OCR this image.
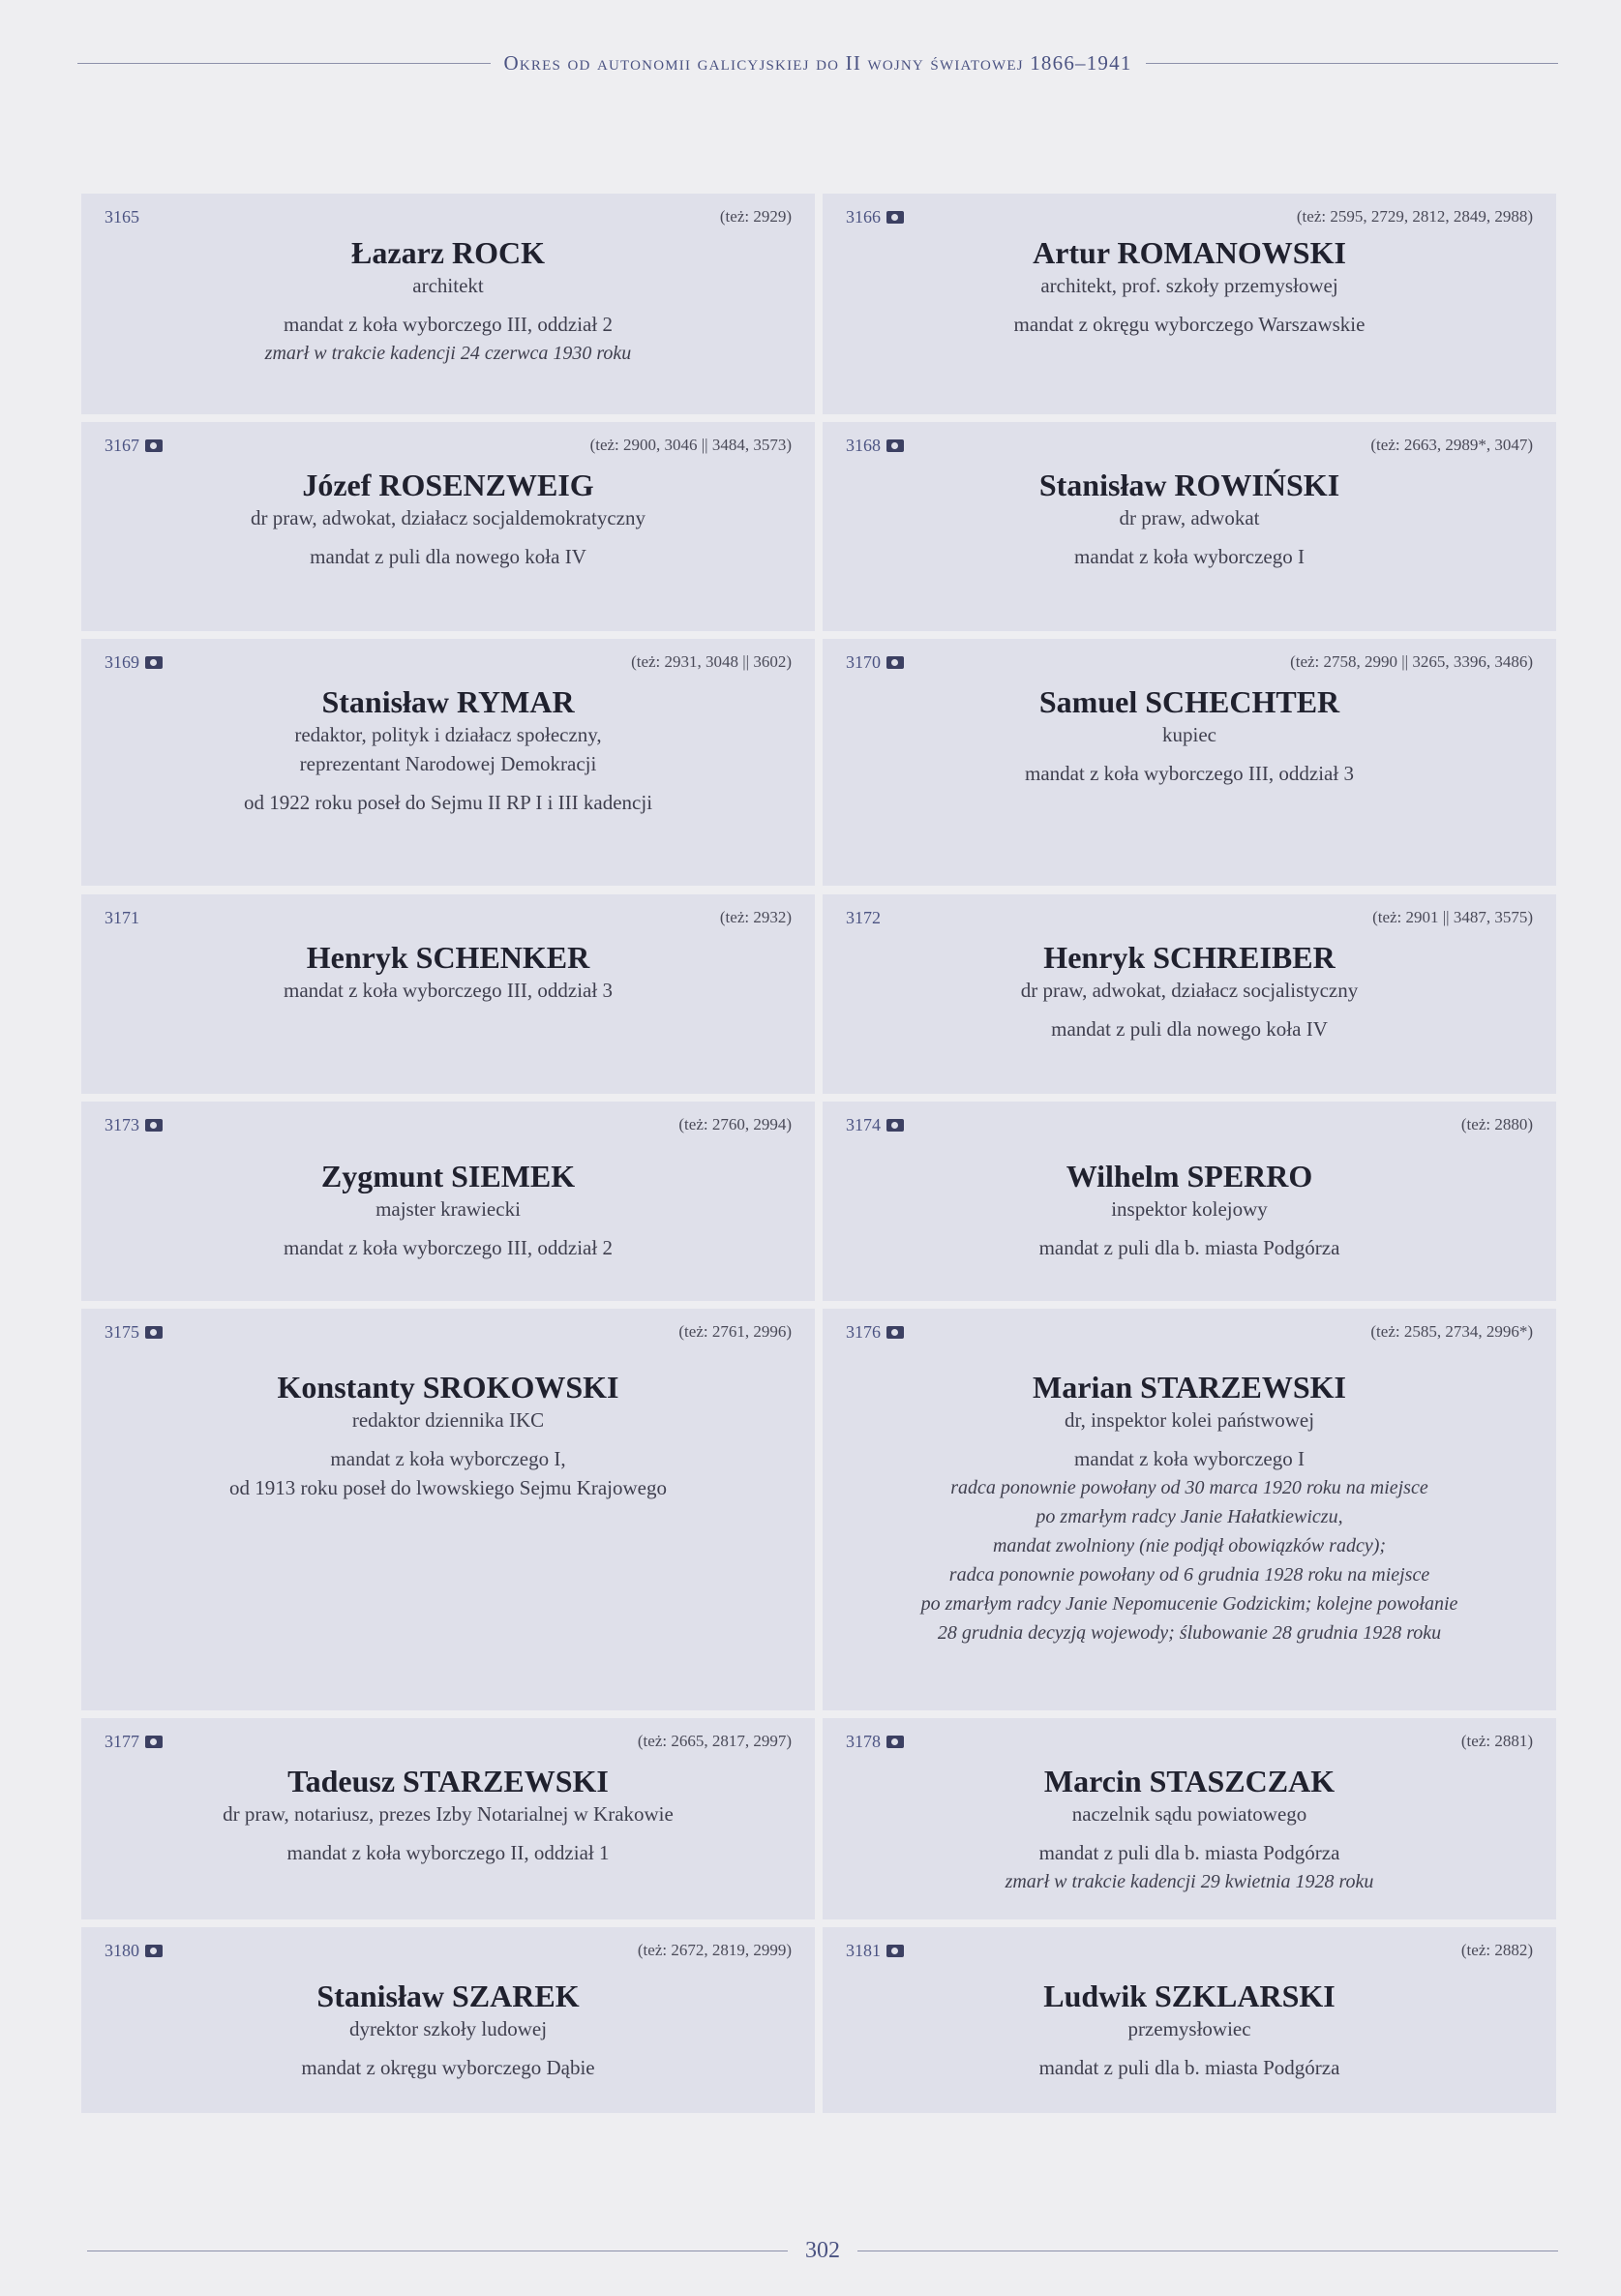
Okres od autonomii galicyjskiej do II wojny światowej 1866–1941
3165	(też: 2929)
Łazarz ROCK
architekt
mandat z koła wyborczego III, oddział 2
zmarł w trakcie kadencji 24 czerwca 1930 roku
3166	(też: 2595, 2729, 2812, 2849, 2988)
Artur ROMANOWSKI
architekt, prof. szkoły przemysłowej
mandat z okręgu wyborczego Warszawskie
3167	(też: 2900, 3046 || 3484, 3573)
Józef ROSENZWEIG
dr praw, adwokat, działacz socjaldemokratyczny
mandat z puli dla nowego koła IV
3168	(też: 2663, 2989*, 3047)
Stanisław ROWIŃSKI
dr praw, adwokat
mandat z koła wyborczego I
3169	(też: 2931, 3048 || 3602)
Stanisław RYMAR
redaktor, polityk i działacz społeczny,
reprezentant Narodowej Demokracji
od 1922 roku poseł do Sejmu II RP I i III kadencji
3170	(też: 2758, 2990 || 3265, 3396, 3486)
Samuel SCHECHTER
kupiec
mandat z koła wyborczego III, oddział 3
3171	(też: 2932)
Henryk SCHENKER
mandat z koła wyborczego III, oddział 3
3172	(też: 2901 || 3487, 3575)
Henryk SCHREIBER
dr praw, adwokat, działacz socjalistyczny
mandat z puli dla nowego koła IV
3173	(też: 2760, 2994)
Zygmunt SIEMEK
majster krawiecki
mandat z koła wyborczego III, oddział 2
3174	(też: 2880)
Wilhelm SPERRO
inspektor kolejowy
mandat z puli dla b. miasta Podgórza
3175	(też: 2761, 2996)
Konstanty SROKOWSKI
redaktor dziennika IKC
mandat z koła wyborczego I,
od 1913 roku poseł do lwowskiego Sejmu Krajowego
3176	(też: 2585, 2734, 2996*)
Marian STARZEWSKI
dr, inspektor kolei państwowej
mandat z koła wyborczego I
radca ponownie powołany od 30 marca 1920 roku na miejsce
po zmarłym radcy Janie Hałatkiewiczu,
mandat zwolniony (nie podjął obowiązków radcy);
radca ponownie powołany od 6 grudnia 1928 roku na miejsce
po zmarłym radcy Janie Nepomucenie Godzickim; kolejne powołanie
28 grudnia decyzją wojewody; ślubowanie 28 grudnia 1928 roku
3177	(też: 2665, 2817, 2997)
Tadeusz STARZEWSKI
dr praw, notariusz, prezes Izby Notarialnej w Krakowie
mandat z koła wyborczego II, oddział 1
3178	(też: 2881)
Marcin STASZCZAK
naczelnik sądu powiatowego
mandat z puli dla b. miasta Podgórza
zmarł w trakcie kadencji 29 kwietnia 1928 roku
3180	(też: 2672, 2819, 2999)
Stanisław SZAREK
dyrektor szkoły ludowej
mandat z okręgu wyborczego Dąbie
3181	(też: 2882)
Ludwik SZKLARSKI
przemysłowiec
mandat z puli dla b. miasta Podgórza
302
